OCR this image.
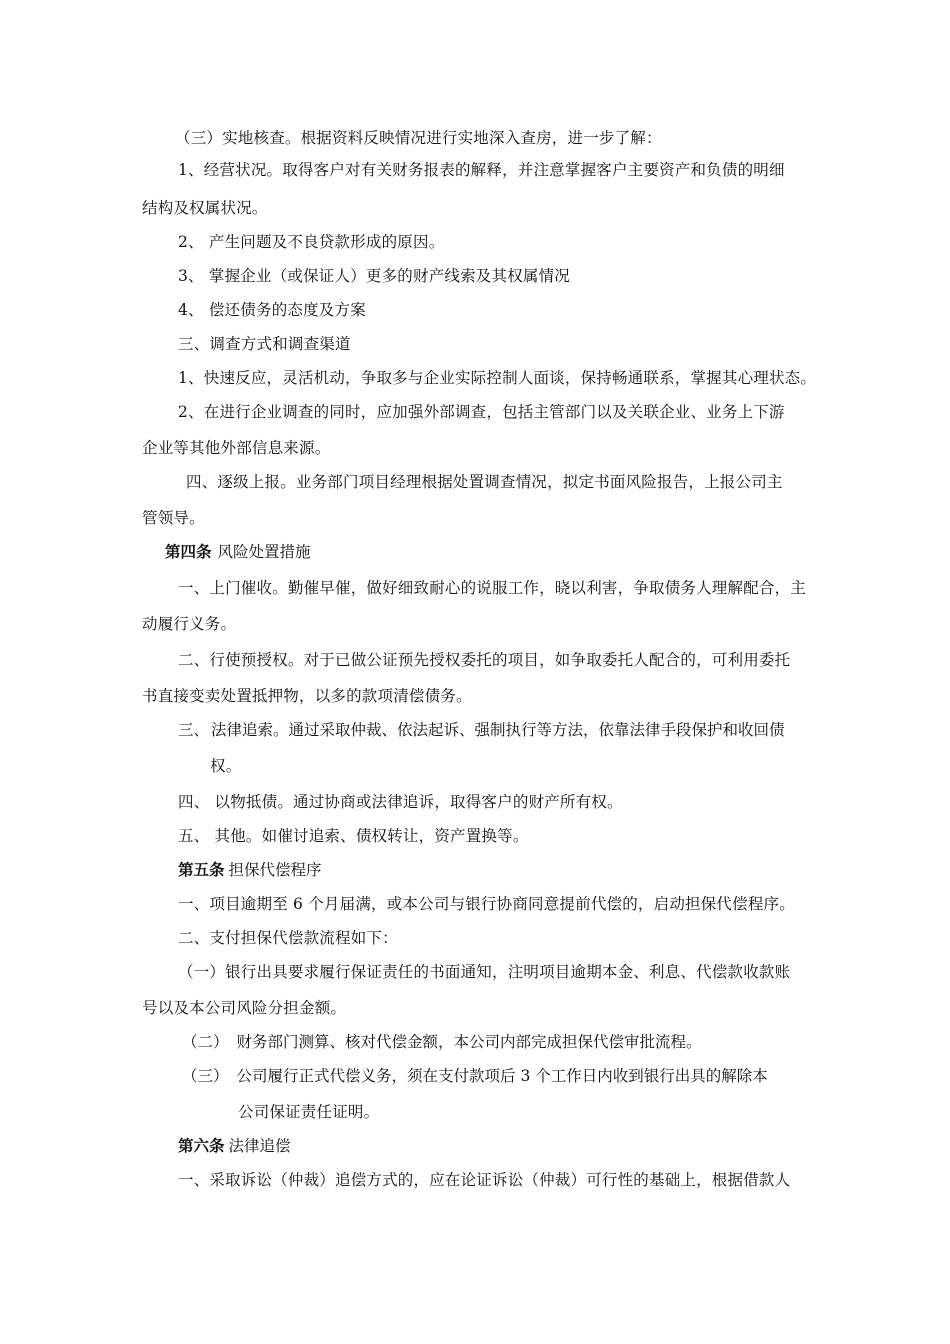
（三）实地核查。根据资料反映情况进行实地深入查房，进一步了解：
1、经营状况。取得客户对有关财务报表的解释，并注意掌握客户主要资产和负债的明细
结构及权属状况。
2、 产生问题及不良贷款形成的原因。
3、 掌握企业（或保证人）更多的财产线索及其权属情况
4、 偿还债务的态度及方案
三、调查方式和调查渠道
1、快速反应，灵活机动，争取多与企业实际控制人面谈，保持畅通联系，掌握其心理状态。
2、在进行企业调查的同时，应加强外部调查，包括主管部门以及关联企业、业务上下游
企业等其他外部信息来源。
四、逐级上报。业务部门项目经理根据处置调查情况，拟定书面风险报告，上报公司主
管领导。
第四条 风险处置措施
一、上门催收。勤催早催，做好细致耐心的说服工作，晓以利害，争取债务人理解配合，主
动履行义务。
二、行使预授权。对于已做公证预先授权委托的项目，如争取委托人配合的，可利用委托
书直接变卖处置抵押物，以多的款项清偿债务。
三、 法律追索。通过采取仲裁、依法起诉、强制执行等方法，依靠法律手段保护和收回债
权。
四、 以物抵债。通过协商或法律追诉，取得客户的财产所有权。
五、 其他。如催讨追索、债权转让，资产置换等。
第五条 担保代偿程序
一、项目逾期至 6 个月届满，或本公司与银行协商同意提前代偿的，启动担保代偿程序。
二、支付担保代偿款流程如下：
（一）银行出具要求履行保证责任的书面通知，注明项目逾期本金、利息、代偿款收款账
号以及本公司风险分担金额。
（二） 财务部门测算、核对代偿金额，本公司内部完成担保代偿审批流程。
（三） 公司履行正式代偿义务，须在支付款项后 3 个工作日内收到银行出具的解除本
公司保证责任证明。
第六条 法律追偿
一、采取诉讼（仲裁）追偿方式的，应在论证诉讼（仲裁）可行性的基础上，根据借款人
